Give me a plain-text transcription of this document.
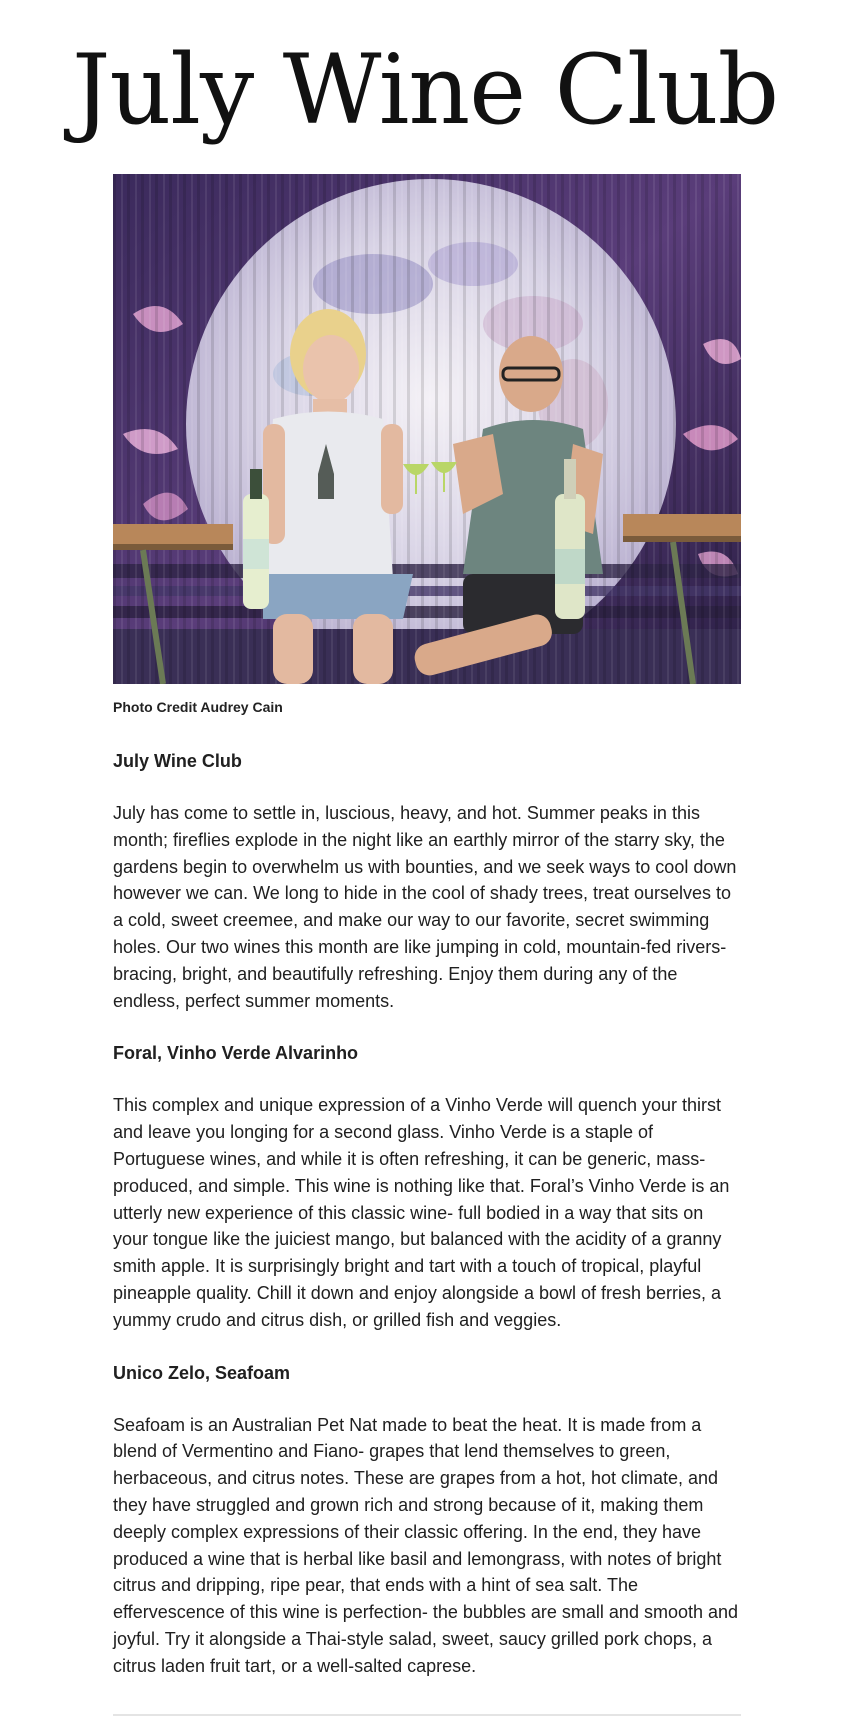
July Wine Club
Photo Credit Audrey Cain
July Wine Club

July has come to settle in, luscious, heavy, and hot. Summer peaks in this month; fireflies explode in the night like an earthly mirror of the starry sky, the gardens begin to overwhelm us with bounties, and we seek ways to cool down however we can. We long to hide in the cool of shady trees, treat ourselves to a cold, sweet creemee, and make our way to our favorite, secret swimming holes. Our two wines this month are like jumping in cold, mountain-fed rivers- bracing, bright, and beautifully refreshing. Enjoy them during any of the endless, perfect summer moments.

Foral, Vinho Verde Alvarinho

This complex and unique expression of a Vinho Verde will quench your thirst and leave you longing for a second glass. Vinho Verde is a staple of Portuguese wines, and while it is often refreshing, it can be generic, mass-produced, and simple. This wine is nothing like that. Foral’s Vinho Verde is an utterly new experience of this classic wine- full bodied in a way that sits on your tongue like the juiciest mango, but balanced with the acidity of a granny smith apple. It is surprisingly bright and tart with a touch of tropical, playful pineapple quality. Chill it down and enjoy alongside a bowl of fresh berries, a yummy crudo and citrus dish, or grilled fish and veggies.

Unico Zelo, Seafoam

Seafoam is an Australian Pet Nat made to beat the heat. It is made from a blend of Vermentino and Fiano- grapes that lend themselves to green, herbaceous, and citrus notes. These are grapes from a hot, hot climate, and they have struggled and grown rich and strong because of it, making them deeply complex expressions of their classic offering. In the end, they have produced a wine that is herbal like basil and lemongrass, with notes of bright citrus and dripping, ripe pear, that ends with a hint of sea salt. The effervescence of this wine is perfection- the bubbles are small and smooth and joyful. Try it alongside a Thai-style salad, sweet, saucy grilled pork chops, a citrus laden fruit tart, or a well-salted caprese.
